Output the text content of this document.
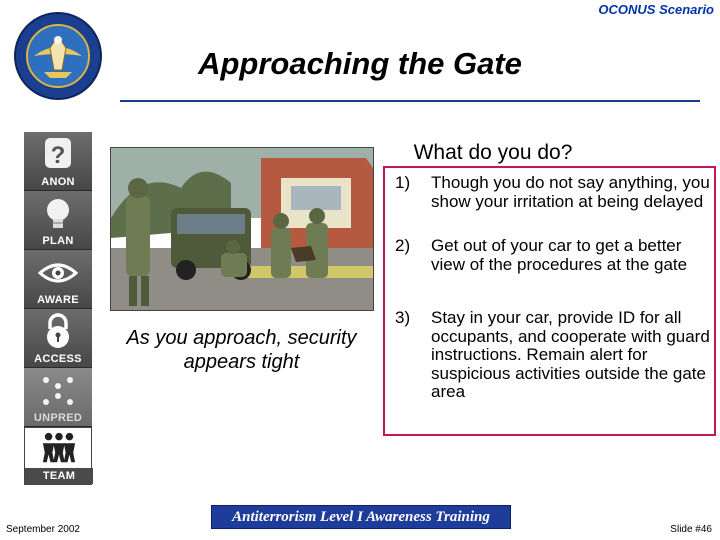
OCONUS Scenario
Approaching the Gate
?
ANON
PLAN
AWARE
ACCESS
UNPRED
TEAM
As you approach, security appears tight
What do you do?
1) Though you do not say anything, you show your irritation at being delayed
2) Get out of your car to get a better view of the procedures at the gate
3) Stay in your car, provide ID for all occupants, and cooperate with guard instructions. Remain alert for suspicious activities outside the gate area
September 2002
Antiterrorism Level I Awareness Training
Slide #46
